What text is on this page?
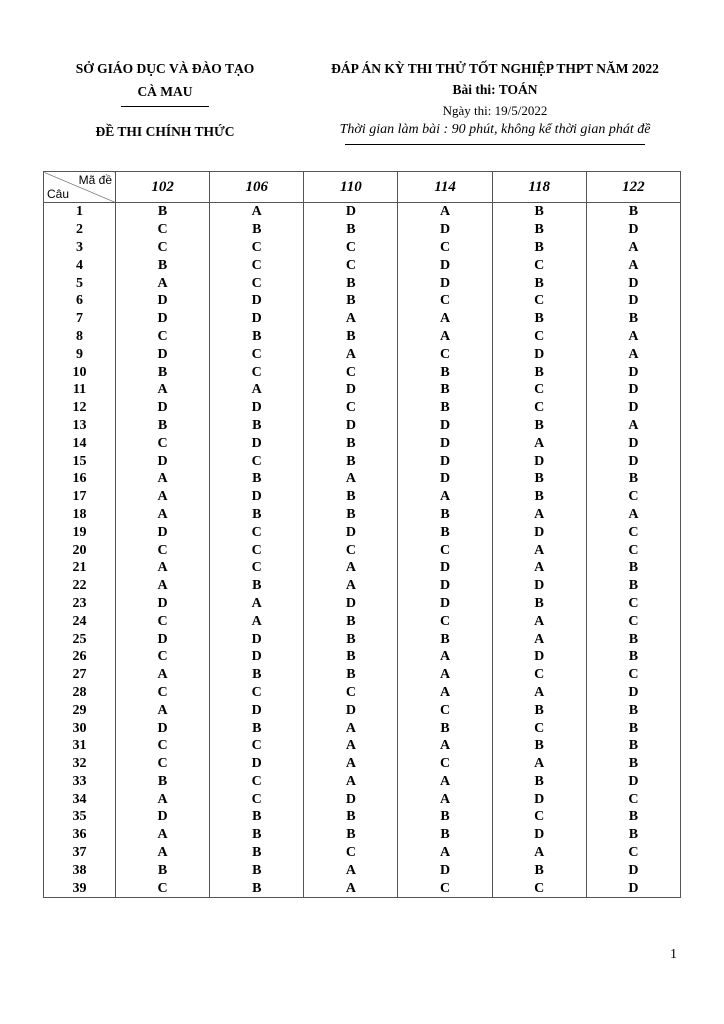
SỞ GIÁO DỤC VÀ ĐÀO TẠO
CÀ MAU
ĐỀ THI CHÍNH THỨC
ĐÁP ÁN KỲ THI THỬ TỐT NGHIỆP THPT NĂM 2022
Bài thi: TOÁN
Ngày thi: 19/5/2022
Thời gian làm bài : 90 phút, không kể thời gian phát đề
Mã đề
Câu	102	106	110	114	118	122
1	B	A	D	A	B	B
2	C	B	B	D	B	D
3	C	C	C	C	B	A
4	B	C	C	D	C	A
5	A	C	B	D	B	D
6	D	D	B	C	C	D
7	D	D	A	A	B	B
8	C	B	B	A	C	A
9	D	C	A	C	D	A
10	B	C	C	B	B	D
11	A	A	D	B	C	D
12	D	D	C	B	C	D
13	B	B	D	D	B	A
14	C	D	B	D	A	D
15	D	C	B	D	D	D
16	A	B	A	D	B	B
17	A	D	B	A	B	C
18	A	B	B	B	A	A
19	D	C	D	B	D	C
20	C	C	C	C	A	C
21	A	C	A	D	A	B
22	A	B	A	D	D	B
23	D	A	D	D	B	C
24	C	A	B	C	A	C
25	D	D	B	B	A	B
26	C	D	B	A	D	B
27	A	B	B	A	C	C
28	C	C	C	A	A	D
29	A	D	D	C	B	B
30	D	B	A	B	C	B
31	C	C	A	A	B	B
32	C	D	A	C	A	B
33	B	C	A	A	B	D
34	A	C	D	A	D	C
35	D	B	B	B	C	B
36	A	B	B	B	D	B
37	A	B	C	A	A	C
38	B	B	A	D	B	D
39	C	B	A	C	C	D
1
